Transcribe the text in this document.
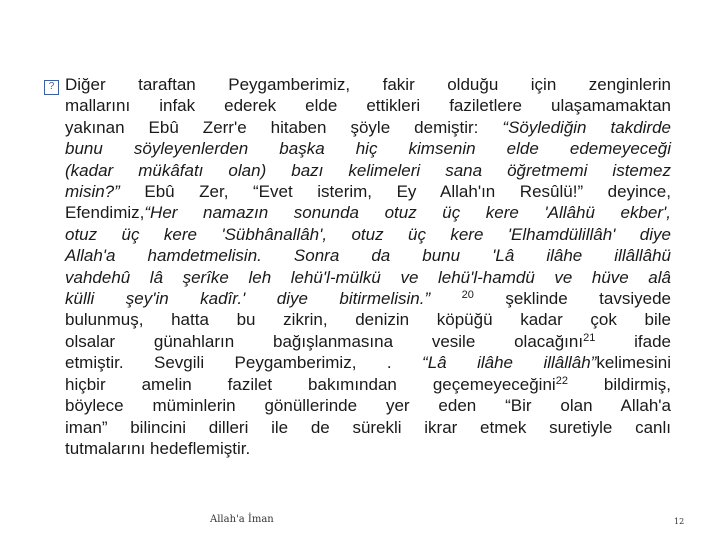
? Diğer taraftan Peygamberimiz, fakir olduğu için zenginlerin
mallarını infak ederek elde ettikleri faziletlere ulaşamamaktan
yakınan Ebû Zerr'e hitaben şöyle demiştir: “Söylediğin takdirde
bunu söyleyenlerden başka hiç kimsenin elde edemeyeceği
(kadar mükâfatı olan) bazı kelimeleri sana öğretmemi istemez
misin?” Ebû Zer, “Evet isterim, Ey Allah'ın Resûlü!” deyince,
Efendimiz,“Her namazın sonunda otuz üç kere 'Allâhü ekber',
otuz üç kere 'Sübhânallâh', otuz üç kere 'Elhamdülillâh' diye
Allah'a hamdetmelisin. Sonra da bunu 'Lâ ilâhe illâllâhü
vahdehû lâ şerîke leh lehü'l-mülkü ve lehü'l-hamdü ve hüve alâ
külli şey'in kadîr.' diye bitirmelisin.”	$^{20}$ şeklinde tavsiyede
bulunmuş, hatta bu zikrin, denizin köpüğü kadar çok bile
olsalar günahların bağışlanmasına vesile olacağını$^{21}$ ifade
etmiştir. Sevgili Peygamberimiz, . “Lâ ilâhe illâllâh”kelimesini
hiçbir amelin fazilet bakımından geçemeyeceğini$^{22}$ bildirmiş,
böylece müminlerin gönüllerinde yer eden “Bir olan Allah'a
iman” bilincini dilleri ile de sürekli ikrar etmek suretiyle canlı
tutmalarını hedeflemiştir.
Allah'a İman	12
